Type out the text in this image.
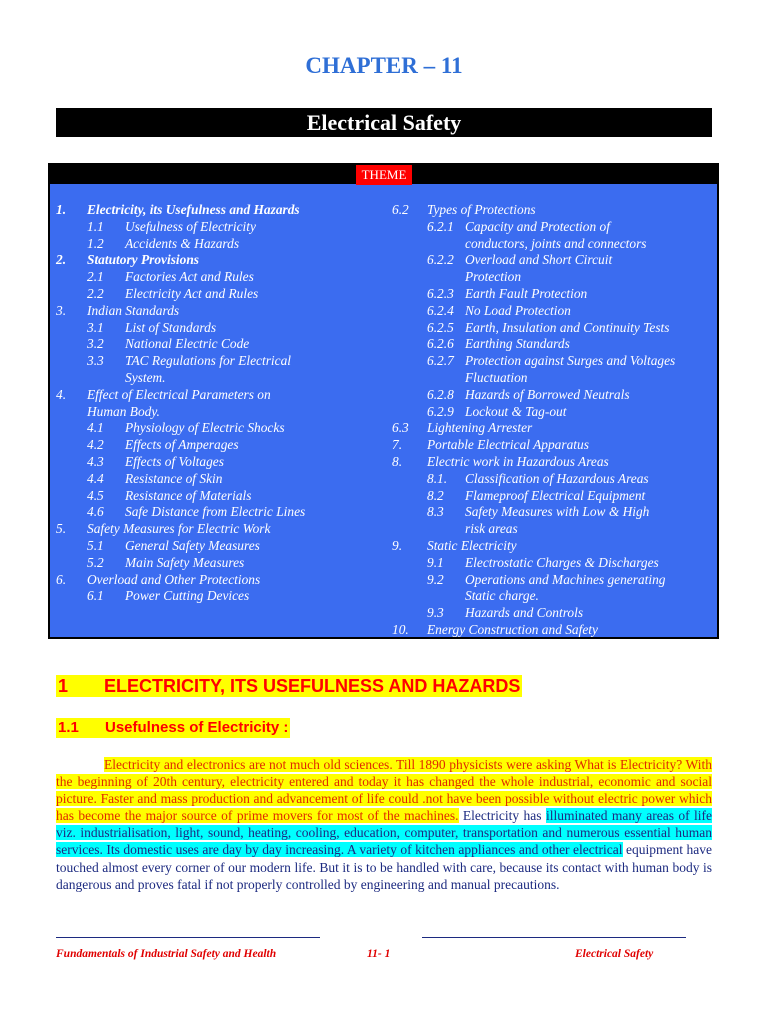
CHAPTER – 11
Electrical Safety
THEME
1. Electricity, its Usefulness and Hazards
1.1 Usefulness of Electricity
1.2 Accidents & Hazards
2. Statutory Provisions
2.1 Factories Act and Rules
2.2 Electricity Act and Rules
3. Indian Standards
3.1 List of Standards
3.2 National Electric Code
3.3 TAC Regulations for Electrical
System.
4. Effect of Electrical Parameters on
Human Body.
4.1 Physiology of Electric Shocks
4.2 Effects of Amperages
4.3 Effects of Voltages
4.4 Resistance of Skin
4.5 Resistance of Materials
4.6 Safe Distance from Electric Lines
5. Safety Measures for Electric Work
5.1 General Safety Measures
5.2 Main Safety Measures
6. Overload and Other Protections
6.1 Power Cutting Devices
6.2 Types of Protections
6.2.1 Capacity and Protection of
conductors, joints and connectors
6.2.2 Overload and Short Circuit
Protection
6.2.3 Earth Fault Protection
6.2.4 No Load Protection
6.2.5 Earth, Insulation and Continuity Tests
6.2.6 Earthing Standards
6.2.7 Protection against Surges and Voltages
Fluctuation
6.2.8 Hazards of Borrowed Neutrals
6.2.9 Lockout & Tag-out
6.3 Lightening Arrester
7. Portable Electrical Apparatus
8. Electric work in Hazardous Areas
8.1. Classification of Hazardous Areas
8.2 Flameproof Electrical Equipment
8.3 Safety Measures with Low & High
risk areas
9. Static Electricity
9.1 Electrostatic Charges & Discharges
9.2 Operations and Machines generating
Static charge.
9.3 Hazards and Controls
10. Energy Construction and Safety
1 ELECTRICITY, ITS USEFULNESS AND HAZARDS
1.1 Usefulness of Electricity :
Electricity and electronics are not much old sciences. Till 1890 physicists were asking What is Electricity? With the beginning of 20th century, electricity entered and today it has changed the whole industrial, economic and social picture. Faster and mass production and advancement of life could .not have been possible without electric power which has become the major source of prime movers for most of the machines. Electricity has illuminated many areas of life viz. industrialisation, light, sound, heating, cooling, education, computer, transportation and numerous essential human services. Its domestic uses are day by day increasing. A variety of kitchen appliances and other electrical equipment have touched almost every corner of our modern life. But it is to be handled with care, because its contact with human body is dangerous and proves fatal if not properly controlled by engineering and manual precautions.
Fundamentals of Industrial Safety and Health	11- 1	Electrical Safety
